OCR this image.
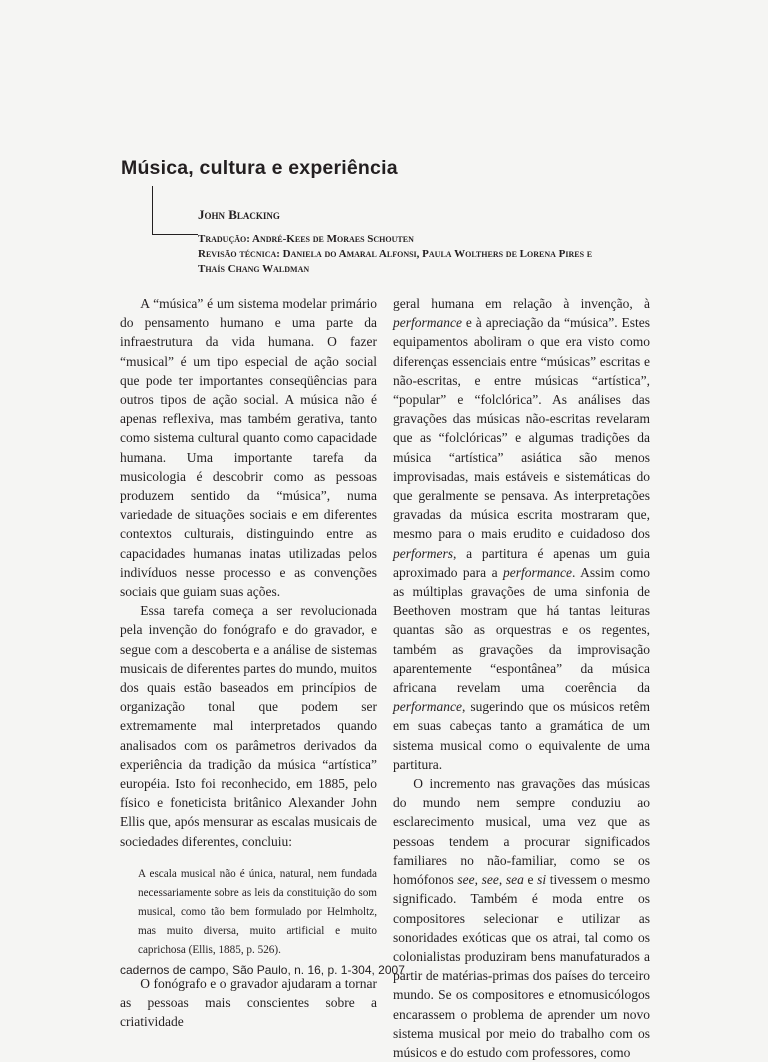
Música, cultura e experiência

John Blacking

Tradução: André-Kees de Moraes Schouten
Revisão técnica: Daniela do Amaral Alfonsi, Paula Wolthers de Lorena Pires e
Thaís Chang Waldman

A “música” é um sistema modelar primário do pensamento humano e uma parte da infraestrutura da vida humana. O fazer “musical” é um tipo especial de ação social que pode ter importantes conseqüências para outros tipos de ação social. A música não é apenas reflexiva, mas também gerativa, tanto como sistema cultural quanto como capacidade humana. Uma importante tarefa da musicologia é descobrir como as pessoas produzem sentido da “música”, numa variedade de situações sociais e em diferentes contextos culturais, distinguindo entre as capacidades humanas inatas utilizadas pelos indivíduos nesse processo e as convenções sociais que guiam suas ações.

Essa tarefa começa a ser revolucionada pela invenção do fonógrafo e do gravador, e segue com a descoberta e a análise de sistemas musicais de diferentes partes do mundo, muitos dos quais estão baseados em princípios de organização tonal que podem ser extremamente mal interpretados quando analisados com os parâmetros derivados da experiência da tradição da música “artística” européia. Isto foi reconhecido, em 1885, pelo físico e foneticista britânico Alexander John Ellis que, após mensurar as escalas musicais de sociedades diferentes, concluiu:

A escala musical não é única, natural, nem fundada necessariamente sobre as leis da constituição do som musical, como tão bem formulado por Helmholtz, mas muito diversa, muito artificial e muito caprichosa (Ellis, 1885, p. 526).

O fonógrafo e o gravador ajudaram a tornar as pessoas mais conscientes sobre a criatividade

geral humana em relação à invenção, à performance e à apreciação da “música”. Estes equipamentos aboliram o que era visto como diferenças essenciais entre “músicas” escritas e não-escritas, e entre músicas “artística”, “popular” e “folclórica”. As análises das gravações das músicas não-escritas revelaram que as “folclóricas” e algumas tradições da música “artística” asiática são menos improvisadas, mais estáveis e sistemáticas do que geralmente se pensava. As interpretações gravadas da música escrita mostraram que, mesmo para o mais erudito e cuidadoso dos performers, a partitura é apenas um guia aproximado para a performance. Assim como as múltiplas gravações de uma sinfonia de Beethoven mostram que há tantas leituras quantas são as orquestras e os regentes, também as gravações da improvisação aparentemente “espontânea” da música africana revelam uma coerência da performance, sugerindo que os músicos retêm em suas cabeças tanto a gramática de um sistema musical como o equivalente de uma partitura.

O incremento nas gravações das músicas do mundo nem sempre conduziu ao esclarecimento musical, uma vez que as pessoas tendem a procurar significados familiares no não-familiar, como se os homófonos see, see, sea e si tivessem o mesmo significado. Também é moda entre os compositores selecionar e utilizar as sonoridades exóticas que os atrai, tal como os colonialistas produziram bens manufaturados a partir de matérias-primas dos países do terceiro mundo. Se os compositores e etnomusicólogos encarassem o problema de aprender um novo sistema musical por meio do trabalho com os músicos e do estudo com professores, como

cadernos de campo, São Paulo, n. 16, p. 1-304, 2007
